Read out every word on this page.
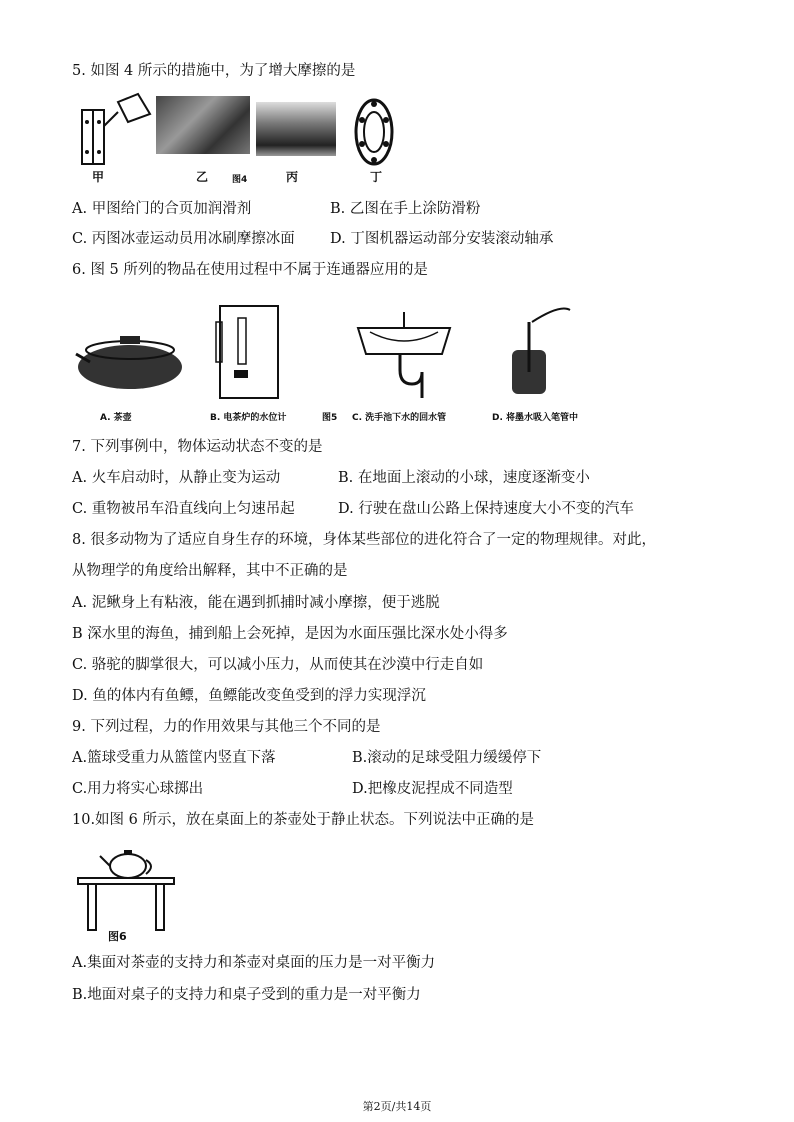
5. 如图 4 所示的措施中，为了增大摩擦的是
甲	乙	图4	丙	丁
A. 甲图给门的合页加润滑剂	B. 乙图在手上涂防滑粉
C. 丙图冰壶运动员用冰刷摩擦冰面 D. 丁图机器运动部分安装滚动轴承
6. 图 5 所列的物品在使用过程中不属于连通器应用的是
A. 茶壶	B. 电茶炉的水位计	图5 C. 洗手池下水的回水管	D. 将墨水吸入笔管中
7. 下列事例中，物体运动状态不变的是
A. 火车启动时，从静止变为运动	B. 在地面上滚动的小球，速度逐渐变小
C. 重物被吊车沿直线向上匀速吊起	D. 行驶在盘山公路上保持速度大小不变的汽车
8. 很多动物为了适应自身生存的环境，身体某些部位的进化符合了一定的物理规律。对此，
从物理学的角度给出解释，其中不正确的是
A. 泥鳅身上有粘液，能在遇到抓捕时减小摩擦，便于逃脱
B 深水里的海鱼，捕到船上会死掉，是因为水面压强比深水处小得多
C. 骆驼的脚掌很大，可以减小压力，从而使其在沙漠中行走自如
D. 鱼的体内有鱼鳔，鱼鳔能改变鱼受到的浮力实现浮沉
9. 下列过程，力的作用效果与其他三个不同的是
A.篮球受重力从篮筐内竖直下落	B.滚动的足球受阻力缓缓停下
C.用力将实心球掷出	D.把橡皮泥捏成不同造型
10.如图 6 所示，放在桌面上的茶壶处于静止状态。下列说法中正确的是
图6
A.集面对茶壶的支持力和茶壶对桌面的压力是一对平衡力
B.地面对桌子的支持力和桌子受到的重力是一对平衡力
第2页/共14页
